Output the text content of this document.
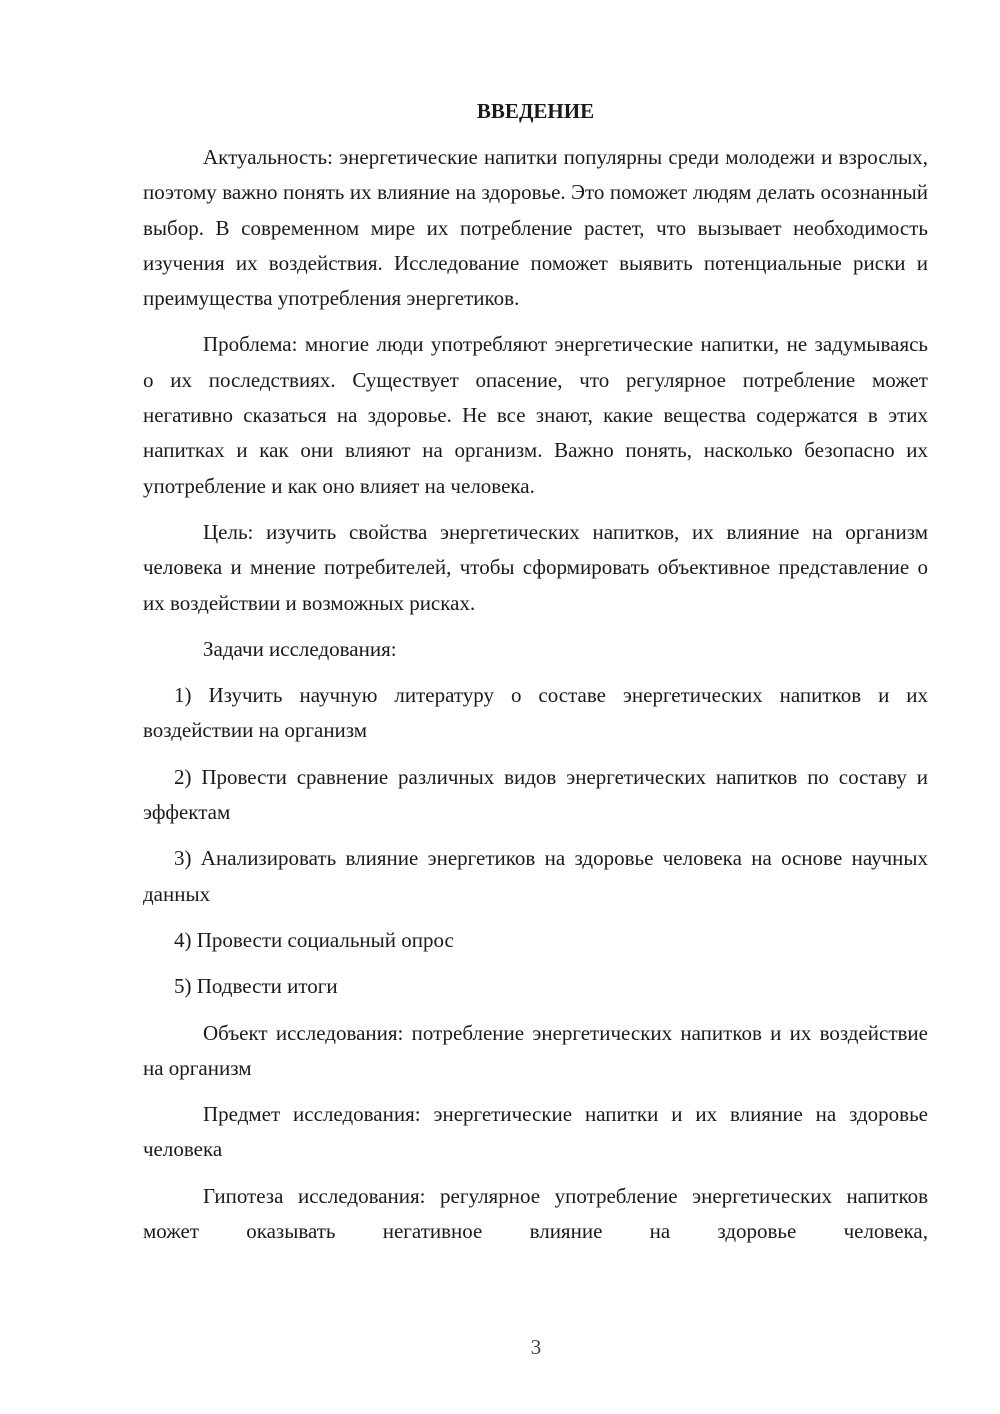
ВВЕДЕНИЕ

Актуальность: энергетические напитки популярны среди молодежи и взрослых, поэтому важно понять их влияние на здоровье. Это поможет людям делать осознанный выбор. В современном мире их потребление растет, что вызывает необходимость изучения их воздействия. Исследование поможет выявить потенциальные риски и преимущества употребления энергетиков.

Проблема: многие люди употребляют энергетические напитки, не задумываясь о их последствиях. Существует опасение, что регулярное потребление может негативно сказаться на здоровье. Не все знают, какие вещества содержатся в этих напитках и как они влияют на организм. Важно понять, насколько безопасно их употребление и как оно влияет на человека.

Цель: изучить свойства энергетических напитков, их влияние на организм человека и мнение потребителей, чтобы сформировать объективное представление о их воздействии и возможных рисках.

Задачи исследования:

1) Изучить научную литературу о составе энергетических напитков и их воздействии на организм

2) Провести сравнение различных видов энергетических напитков по составу и эффектам

3) Анализировать влияние энергетиков на здоровье человека на основе научных данных

4) Провести социальный опрос

5) Подвести итоги

Объект исследования: потребление энергетических напитков и их воздействие на организм

Предмет исследования: энергетические напитки и их влияние на здоровье человека

Гипотеза исследования: регулярное употребление энергетических напитков может оказывать негативное влияние на здоровье человека,

3
